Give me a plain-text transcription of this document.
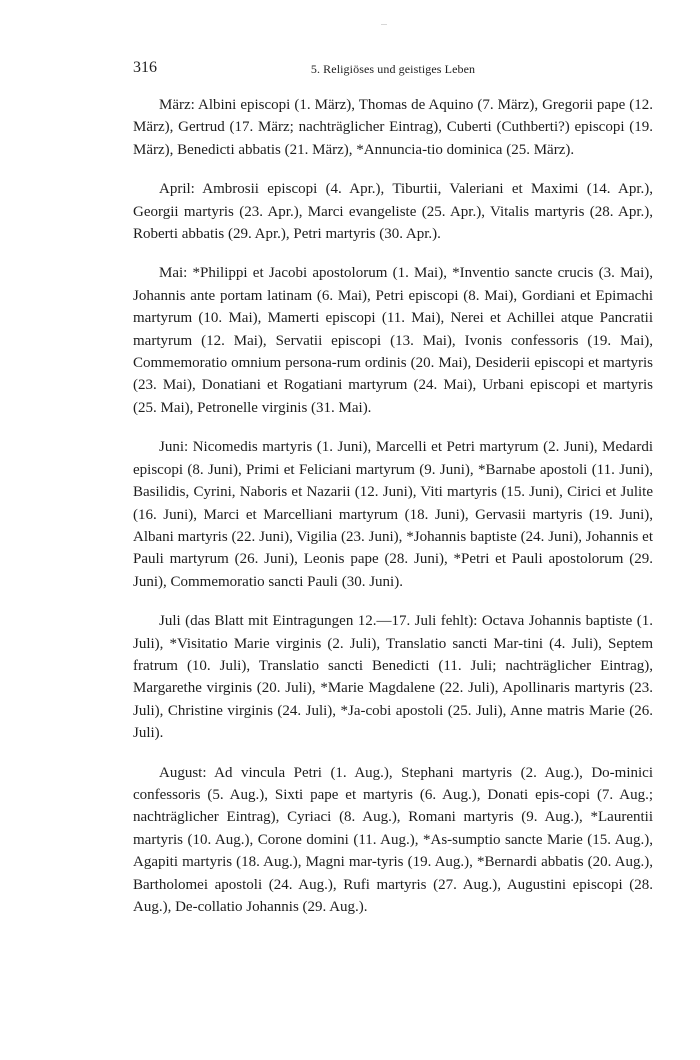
316	5. Religiöses und geistiges Leben

März: Albini episcopi (1. März), Thomas de Aquino (7. März), Gregorii pape (12. März), Gertrud (17. März; nachträglicher Eintrag), Cuberti (Cuthberti?) episcopi (19. März), Benedicti abbatis (21. März), *Annuncia-tio dominica (25. März).

April: Ambrosii episcopi (4. Apr.), Tiburtii, Valeriani et Maximi (14. Apr.), Georgii martyris (23. Apr.), Marci evangeliste (25. Apr.), Vitalis martyris (28. Apr.), Roberti abbatis (29. Apr.), Petri martyris (30. Apr.).

Mai: *Philippi et Jacobi apostolorum (1. Mai), *Inventio sancte crucis (3. Mai), Johannis ante portam latinam (6. Mai), Petri episcopi (8. Mai), Gordiani et Epimachi martyrum (10. Mai), Mamerti episcopi (11. Mai), Nerei et Achillei atque Pancratii martyrum (12. Mai), Servatii episcopi (13. Mai), Ivonis confessoris (19. Mai), Commemoratio omnium persona-rum ordinis (20. Mai), Desiderii episcopi et martyris (23. Mai), Donatiani et Rogatiani martyrum (24. Mai), Urbani episcopi et martyris (25. Mai), Petronelle virginis (31. Mai).

Juni: Nicomedis martyris (1. Juni), Marcelli et Petri martyrum (2. Juni), Medardi episcopi (8. Juni), Primi et Feliciani martyrum (9. Juni), *Barnabe apostoli (11. Juni), Basilidis, Cyrini, Naboris et Nazarii (12. Juni), Viti martyris (15. Juni), Cirici et Julite (16. Juni), Marci et Marcelliani martyrum (18. Juni), Gervasii martyris (19. Juni), Albani martyris (22. Juni), Vigilia (23. Juni), *Johannis baptiste (24. Juni), Johannis et Pauli martyrum (26. Juni), Leonis pape (28. Juni), *Petri et Pauli apostolorum (29. Juni), Commemoratio sancti Pauli (30. Juni).

Juli (das Blatt mit Eintragungen 12.—17. Juli fehlt): Octava Johannis baptiste (1. Juli), *Visitatio Marie virginis (2. Juli), Translatio sancti Mar-tini (4. Juli), Septem fratrum (10. Juli), Translatio sancti Benedicti (11. Juli; nachträglicher Eintrag), Margarethe virginis (20. Juli), *Marie Magdalene (22. Juli), Apollinaris martyris (23. Juli), Christine virginis (24. Juli), *Ja-cobi apostoli (25. Juli), Anne matris Marie (26. Juli).

August: Ad vincula Petri (1. Aug.), Stephani martyris (2. Aug.), Do-minici confessoris (5. Aug.), Sixti pape et martyris (6. Aug.), Donati epis-copi (7. Aug.; nachträglicher Eintrag), Cyriaci (8. Aug.), Romani martyris (9. Aug.), *Laurentii martyris (10. Aug.), Corone domini (11. Aug.), *As-sumptio sancte Marie (15. Aug.), Agapiti martyris (18. Aug.), Magni mar-tyris (19. Aug.), *Bernardi abbatis (20. Aug.), Bartholomei apostoli (24. Aug.), Rufi martyris (27. Aug.), Augustini episcopi (28. Aug.), De-collatio Johannis (29. Aug.).
